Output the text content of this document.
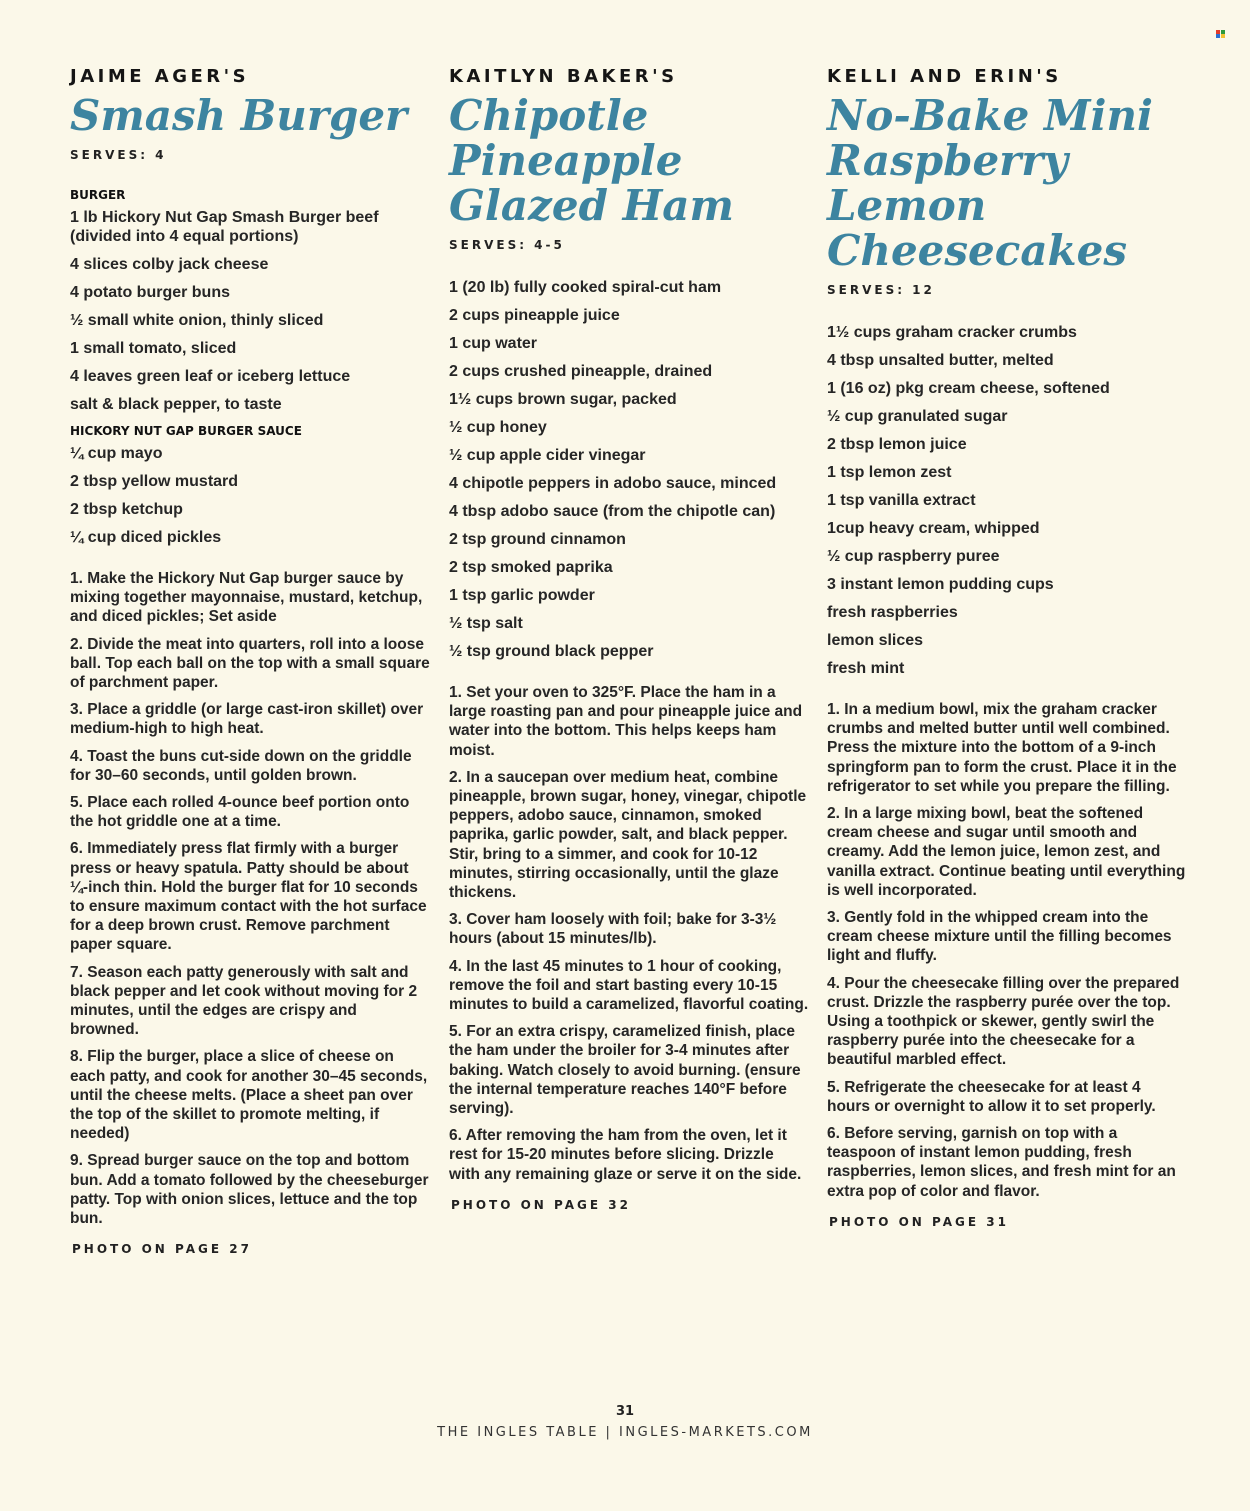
JAIME AGER'S
Smash Burger
SERVES: 4
BURGER
1 lb Hickory Nut Gap Smash Burger beef (divided into 4 equal portions)
4 slices colby jack cheese
4 potato burger buns
½ small white onion, thinly sliced
1 small tomato, sliced
4 leaves green leaf or iceberg lettuce
salt & black pepper, to taste
HICKORY NUT GAP BURGER SAUCE
¼ cup mayo
2 tbsp yellow mustard
2 tbsp ketchup
¼ cup diced pickles
1. Make the Hickory Nut Gap burger sauce by mixing together mayonnaise, mustard, ketchup, and diced pickles; Set aside
2. Divide the meat into quarters, roll into a loose ball. Top each ball on the top with a small square of parchment paper.
3. Place a griddle (or large cast-iron skillet) over medium-high to high heat.
4. Toast the buns cut-side down on the griddle for 30–60 seconds, until golden brown.
5. Place each rolled 4-ounce beef portion onto the hot griddle one at a time.
6. Immediately press flat firmly with a burger press or heavy spatula. Patty should be about ¼-inch thin. Hold the burger flat for 10 seconds to ensure maximum contact with the hot surface for a deep brown crust. Remove parchment paper square.
7. Season each patty generously with salt and black pepper and let cook without moving for 2 minutes, until the edges are crispy and browned.
8. Flip the burger, place a slice of cheese on each patty, and cook for another 30–45 seconds, until the cheese melts. (Place a sheet pan over the top of the skillet to promote melting, if needed)
9. Spread burger sauce on the top and bottom bun. Add a tomato followed by the cheeseburger patty. Top with onion slices, lettuce and the top bun.
PHOTO ON PAGE 27
KAITLYN BAKER'S
Chipotle Pineapple Glazed Ham
SERVES: 4-5
1 (20 lb) fully cooked spiral-cut ham
2 cups pineapple juice
1 cup water
2 cups crushed pineapple, drained
1½ cups brown sugar, packed
½ cup honey
½ cup apple cider vinegar
4 chipotle peppers in adobo sauce, minced
4 tbsp adobo sauce (from the chipotle can)
2 tsp ground cinnamon
2 tsp smoked paprika
1 tsp garlic powder
½ tsp salt
½ tsp ground black pepper
1. Set your oven to 325°F. Place the ham in a large roasting pan and pour pineapple juice and water into the bottom. This helps keeps ham moist.
2. In a saucepan over medium heat, combine pineapple, brown sugar, honey, vinegar, chipotle peppers, adobo sauce, cinnamon, smoked paprika, garlic powder, salt, and black pepper. Stir, bring to a simmer, and cook for 10-12 minutes, stirring occasionally, until the glaze thickens.
3. Cover ham loosely with foil; bake for 3-3½ hours (about 15 minutes/lb).
4. In the last 45 minutes to 1 hour of cooking, remove the foil and start basting every 10-15 minutes to build a caramelized, flavorful coating.
5. For an extra crispy, caramelized finish, place the ham under the broiler for 3-4 minutes after baking. Watch closely to avoid burning. (ensure the internal temperature reaches 140°F before serving).
6. After removing the ham from the oven, let it rest for 15-20 minutes before slicing. Drizzle with any remaining glaze or serve it on the side.
PHOTO ON PAGE 32
KELLI AND ERIN'S
No-Bake Mini Raspberry Lemon Cheesecakes
SERVES: 12
1½ cups graham cracker crumbs
4 tbsp unsalted butter, melted
1 (16 oz) pkg cream cheese, softened
½ cup granulated sugar
2 tbsp lemon juice
1 tsp lemon zest
1 tsp vanilla extract
1cup heavy cream, whipped
½ cup raspberry puree
3 instant lemon pudding cups
fresh raspberries
lemon slices
fresh mint
1. In a medium bowl, mix the graham cracker crumbs and melted butter until well combined. Press the mixture into the bottom of a 9-inch springform pan to form the crust. Place it in the refrigerator to set while you prepare the filling.
2. In a large mixing bowl, beat the softened cream cheese and sugar until smooth and creamy. Add the lemon juice, lemon zest, and vanilla extract. Continue beating until everything is well incorporated.
3. Gently fold in the whipped cream into the cream cheese mixture until the filling becomes light and fluffy.
4. Pour the cheesecake filling over the prepared crust. Drizzle the raspberry purée over the top. Using a toothpick or skewer, gently swirl the raspberry purée into the cheesecake for a beautiful marbled effect.
5. Refrigerate the cheesecake for at least 4 hours or overnight to allow it to set properly.
6. Before serving, garnish on top with a teaspoon of instant lemon pudding, fresh raspberries, lemon slices, and fresh mint for an extra pop of color and flavor.
PHOTO ON PAGE 31
31
THE INGLES TABLE | INGLES-MARKETS.COM
